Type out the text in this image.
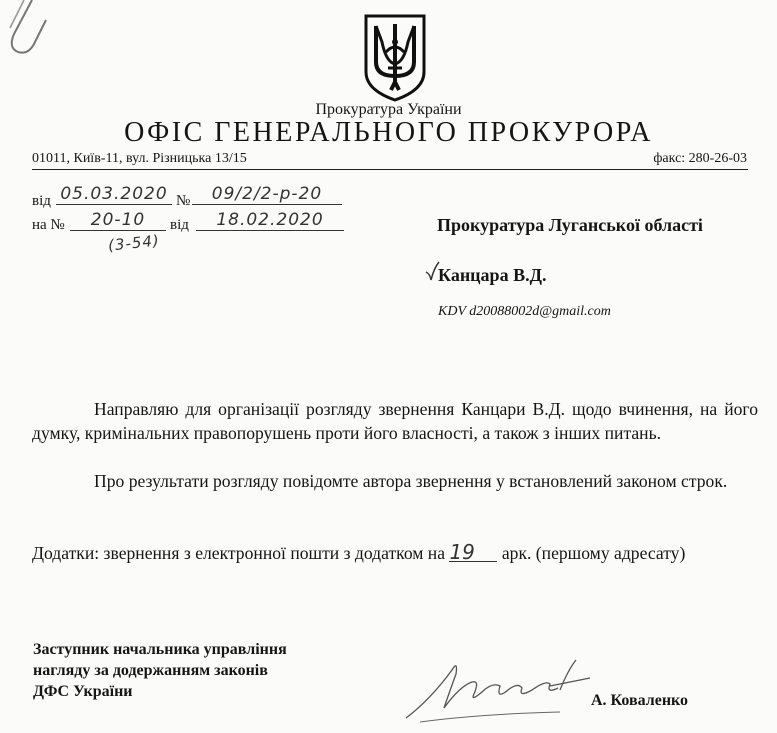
Прокуратура України
ОФІС ГЕНЕРАЛЬНОГО ПРОКУРОРА
01011, Київ-11, вул. Різницька 13/15	факс: 280-26-03
від 05.03.2020 №	09/2/2-р-20
на №	20-10
(3-54)
від	18.02.2020	Прокуратура Луганської області
Канцара В.Д.
KDV d20088002d@gmail.com
Направляю для організації розгляду звернення Канцари В.Д. щодо вчинення, на його думку, кримінальних правопорушень проти його власності, а також з інших питань.
Про результати розгляду повідомте автора звернення у встановлений законом строк.
Додатки: звернення з електронної пошти з додатком на 19 арк. (першому адресату)
Заступник начальника управління
нагляду за додержанням законів
ДФС України
А. Коваленко
